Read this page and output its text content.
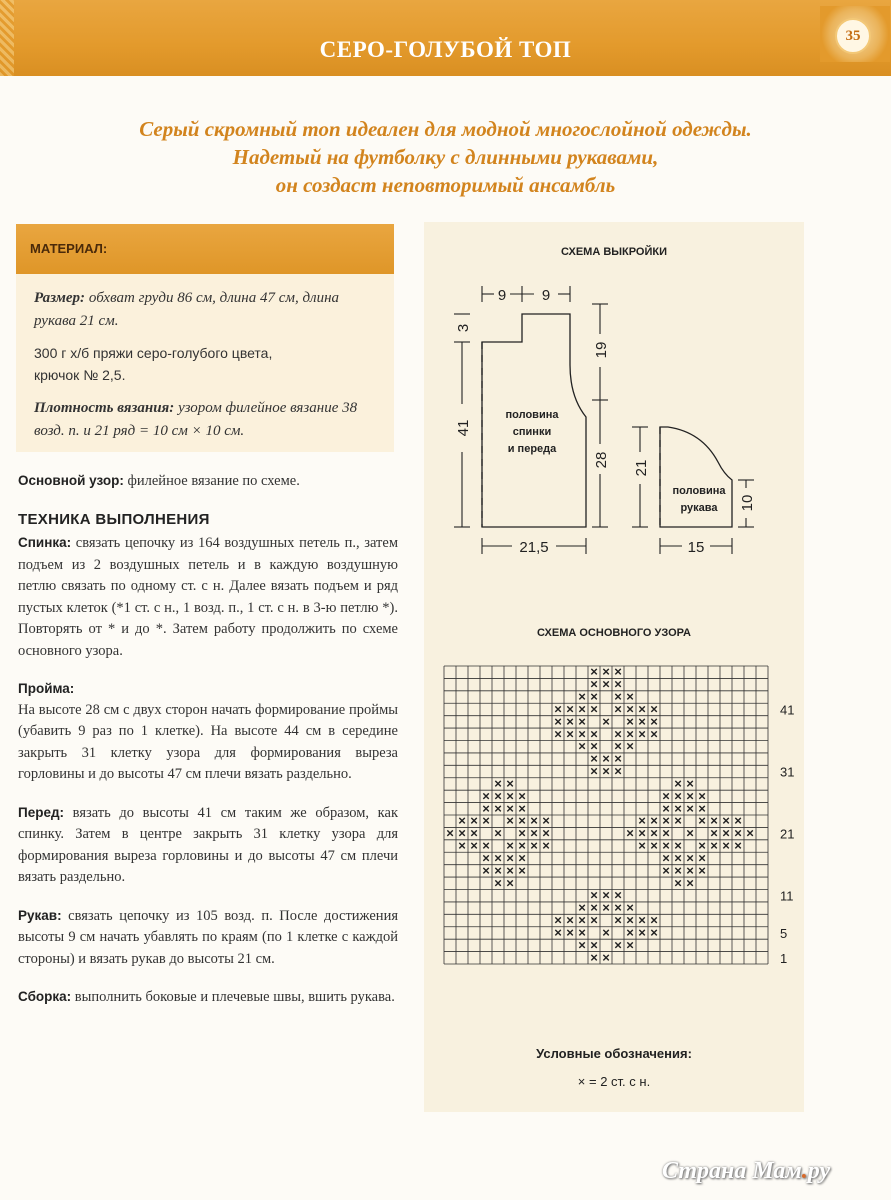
СЕРО-ГОЛУБОЙ ТОП
35
Серый скромный топ идеален для модной многослойной одежды.
Надетый на футболку с длинными рукавами,
он создаст неповторимый ансамбль
МАТЕРИАЛ:

Размер: обхват груди 86 см, длина 47 см, длина рукава 21 см.

300 г х/б пряжи серо-голубого цвета,
крючок № 2,5.

Плотность вязания: узором филейное вязание 38 возд. п. и 21 ряд = 10 см × 10 см.

Основной узор: филейное вязание по схеме.

ТЕХНИКА ВЫПОЛНЕНИЯ

Спинка: связать цепочку из 164 воздушных петель п., затем подъем из 2 воздушных петель и в каждую воздушную петлю связать по одному ст. с н. Далее вязать подъем и ряд пустых клеток (*1 ст. с н., 1 возд. п., 1 ст. с н. в 3-ю петлю *). Повторять от * и до *. Затем работу продолжить по схеме основного узора.

Пройма:
На высоте 28 см с двух сторон начать формирование проймы (убавить 9 раз по 1 клетке). На высоте 44 см в середине закрыть 31 клетку узора для формирования выреза горловины и до высоты 47 см плечи вязать раздельно.

Перед: вязать до высоты 41 см таким же образом, как спинку. Затем в центре закрыть 31 клетку узора для формирования выреза горловины и до высоты 47 см плечи вязать раздельно.

Рукав: связать цепочку из 105 возд. п. После достижения высоты 9 см начать убавлять по краям (по 1 клетке с каждой стороны) и вязать рукав до высоты 21 см.

Сборка: выполнить боковые и плечевые швы, вшить рукава.

СХЕМА ВЫКРОЙКИ
половина
спинки
и переда
9 9
3
41
19
28
21,5
половина
рукава
21
10
15
СХЕМА ОСНОВНОГО УЗОРА
× × ×
× × ×
× × × ×
× × × × × × × ×
× × × × × × ×
× × × × × × × ×
× × × ×
× × ×
× × ×
× ×	× ×
× × × ×	× × × ×
× × × ×	× × × ×
× × × × × × ×	× × × × × × × ×
× × × × × × ×	× × × × × × × × ×
× × × × × × ×	× × × × × × × ×
× × × ×	× × × ×
× × × ×	× × × ×
× ×	× ×
× × ×
× × × × ×
× × × × × × × ×
× × × × × × ×
× × × ×
× ×
41
31
21
11
5
1
Условные обозначения:
× = 2 ст. с н.
Страна Мам.ру
